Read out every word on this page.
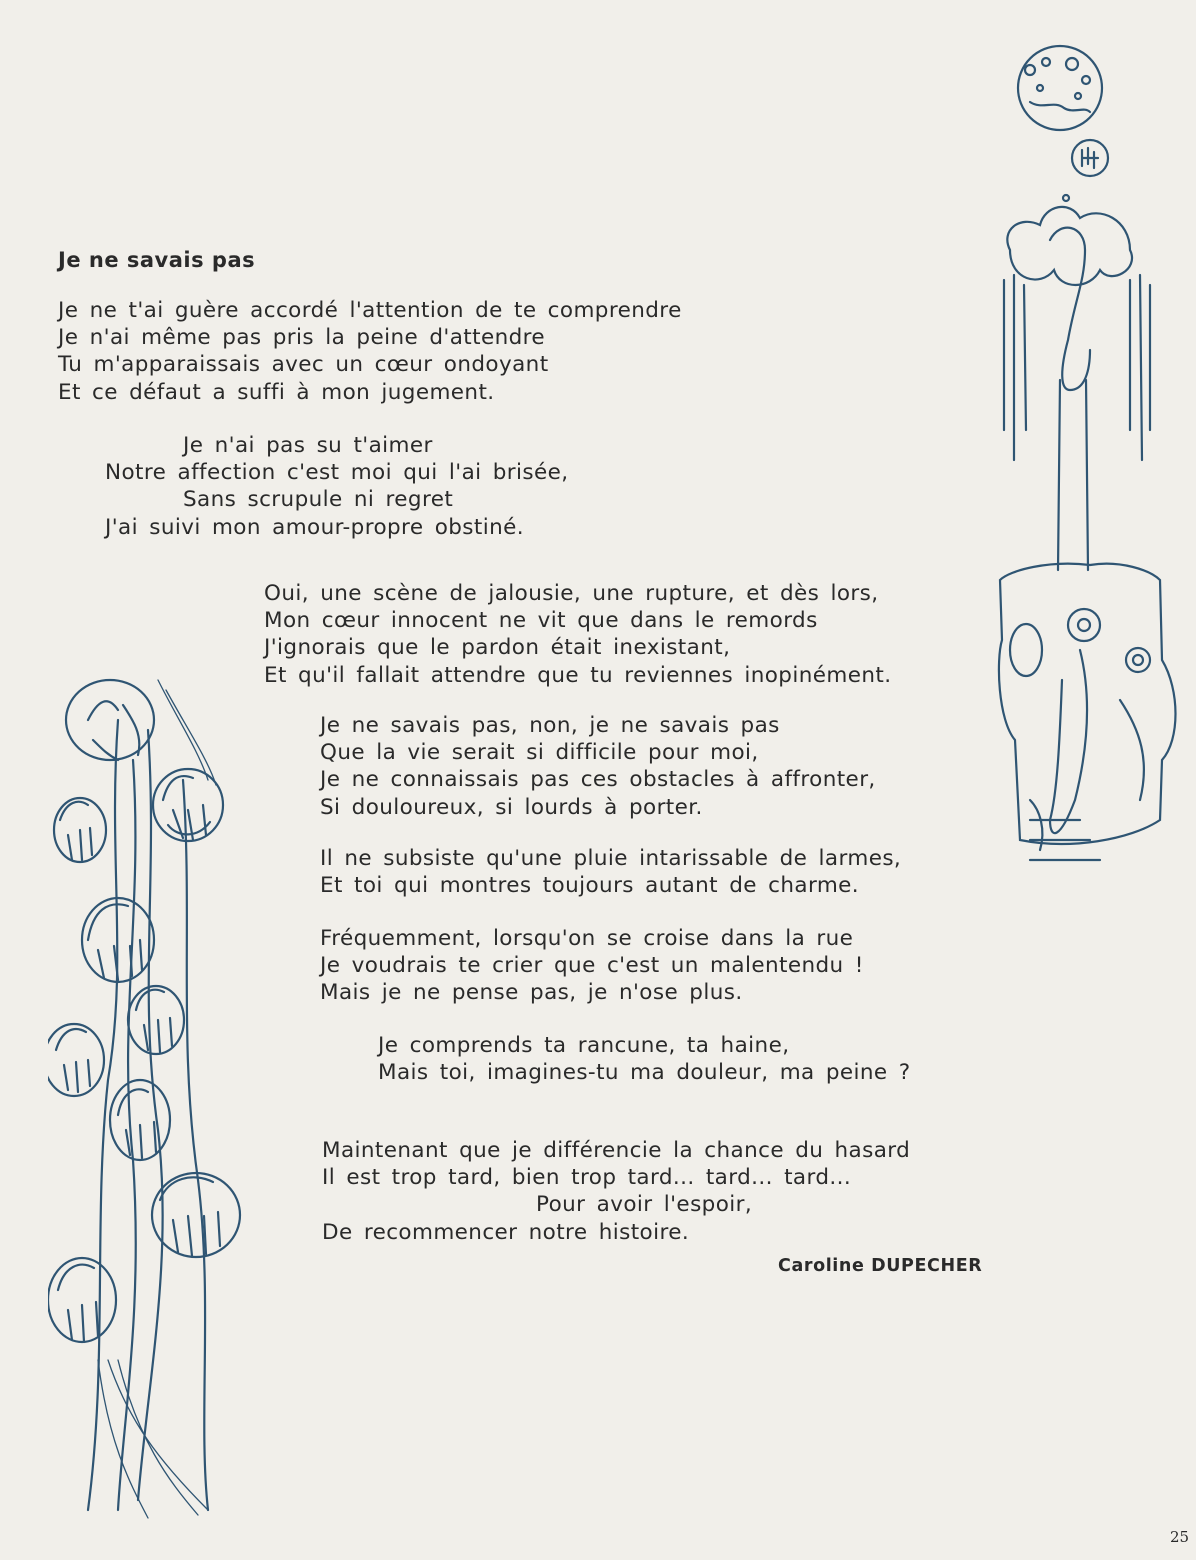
Je ne savais pas
Je ne t'ai guère accordé l'attention de te comprendre
Je n'ai même pas pris la peine d'attendre
Tu m'apparaissais avec un cœur ondoyant
Et ce défaut a suffi à mon jugement.
Je n'ai pas su t'aimer
Notre affection c'est moi qui l'ai brisée,
Sans scrupule ni regret
J'ai suivi mon amour-propre obstiné.
Oui, une scène de jalousie, une rupture, et dès lors,
Mon cœur innocent ne vit que dans le remords
J'ignorais que le pardon était inexistant,
Et qu'il fallait attendre que tu reviennes inopinément.
Je ne savais pas, non, je ne savais pas
Que la vie serait si difficile pour moi,
Je ne connaissais pas ces obstacles à affronter,
Si douloureux, si lourds à porter.
Il ne subsiste qu'une pluie intarissable de larmes,
Et toi qui montres toujours autant de charme.
Fréquemment, lorsqu'on se croise dans la rue
Je voudrais te crier que c'est un malentendu !
Mais je ne pense pas, je n'ose plus.
Je comprends ta rancune, ta haine,
Mais toi, imagines-tu ma douleur, ma peine ?
Maintenant que je différencie la chance du hasard
Il est trop tard, bien trop tard... tard... tard...
Pour avoir l'espoir,
De recommencer notre histoire.
Caroline DUPECHER
25
